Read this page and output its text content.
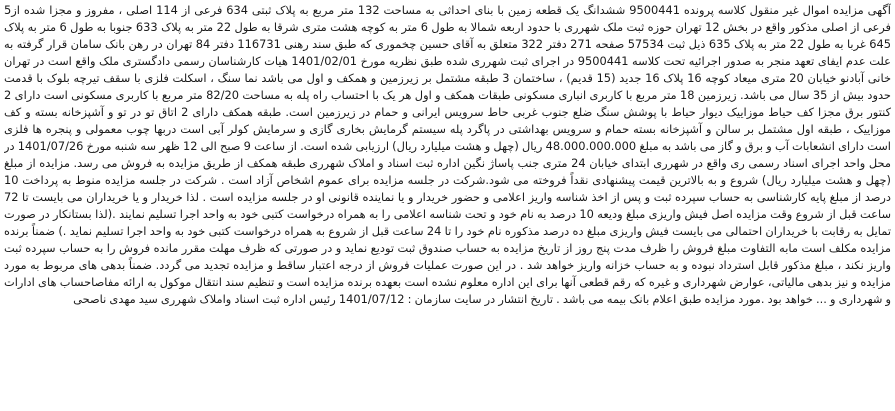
آگهی مزایده اموال غیر منقول کلاسه پرونده 9500441 ششدانگ یک قطعه زمین با بنای احداثی به مساحت 132 متر مربع به پلاک ثبتی 634 فرعی از 114 اصلی ، مفروز و مجزا شده از5 فرعی از اصلی مذکور واقع در بخش 12 تهران حوزه ثبت ملک شهرری با حدود اربعه شمالا به طول 6 متر به کوچه هشت متری شرقا به طول 22 متر به پلاک 633 جنوبا به طول 6 متر به پلاک 645 غربا به طول 22 متر به پلاک 635 ذیل ثبت 57534 صفحه 271 دفتر 322 متعلق به آقای حسین چخموری که طبق سند رهنی 116731 دفتر 84 تهران در رهن بانک سامان قرار گرفته به علت عدم ایفای تعهد منجر به صدور اجرائیه تحت کلاسه 9500441 در اجرای ثبت شهرری شده طبق نظریه مورخ 1401/02/01 هیات کارشناسان رسمی دادگستری ملک واقع است در تهران خانی آبادنو خیابان 20 متری میعاد کوچه 16 پلاک 16 جدید (15 قدیم) ، ساختمان 3 طبقه مشتمل بر زیرزمین و همکف و اول می باشد نما سنگ ، اسکلت فلزی با سقف تیرچه بلوک با قدمت حدود بیش از 35 سال می باشد. زیرزمین 18 متر مربع با کاربری انباری مسکونی طبقات همکف و اول هر یک با احتساب راه پله به مساحت 82/20 متر مربع با کاربری مسکونی است دارای 2 کنتور برق مجزا کف حیاط موزاییک دیوار حیاط با پوشش سنگ ضلع جنوب غربی حاط سرویس ایرانی و حمام در زیرزمین است. طبقه همکف دارای 2 اتاق تو در تو و آشپزخانه بسته و کف موزاییک ، طبقه اول مشتمل بر سالن و آشپزخانه بسته حمام و سرویس بهداشتی در پاگرد پله سیستم گرمایش بخاری گازی و سرمایش کولر آبی است دربها چوب معمولی و پنجره ها فلزی است دارای انشعابات آب و برق و گاز می باشد به مبلغ 48.000.000.000 ریال (چهل و هشت میلیارد ریال) ارزیابی شده است. از ساعت 9 صبح الی 12 ظهر سه شنبه مورخ 1401/07/26 در محل واحد اجرای اسناد رسمی ری واقع در شهرری ابتدای خیابان 24 متری جنب پاساژ نگین اداره ثبت اسناد و املاک شهرری طبقه همکف از طریق مزایده به فروش می رسد. مزایده از مبلغ (چهل و هشت میلیارد ریال) شروع و به بالاترین قیمت پیشنهادی نقداً فروخته می شود.شرکت در جلسه مزایده برای عموم اشخاص آزاد است . شرکت در جلسه مزایده منوط به پرداخت 10 درصد از مبلغ پایه کارشناسی به حساب سپرده ثبت و پس از اخذ شناسه واریز اعلامی و حضور خریدار و یا نماینده قانونی او در جلسه مزایده است . لذا خریدار و یا خریداران می بایست تا 72 ساعت قبل از شروع وقت مزایده اصل فیش واریزی مبلغ ودیعه 10 درصد به نام خود و تحت شناسه اعلامی را به همراه درخواست کتبی خود به واحد اجرا تسلیم نمایند .(لذا بستانکار در صورت تمایل به رقابت با خریداران احتمالی می بایست فیش واریزی مبلغ ده درصد مذکوره نام خود را تا 24 ساعت قبل از شروع به همراه درخواست کتبی خود به واحد اجرا تسلیم نماید .) ضمناً برنده مزایده مکلف است مابه التفاوت مبلغ فروش را ظرف مدت پنج روز از تاریخ مزایده به حساب صندوق ثبت تودیع نماید و در صورتی که ظرف مهلت مقرر مانده فروش را به حساب سپرده ثبت واریز نکند ، مبلغ مذکور قابل استرداد نبوده و به حساب خزانه واریز خواهد شد . در این صورت عملیات فروش از درجه اعتبار ساقط و مزایده تجدید می گردد. ضمناً بدهی های مربوط به مورد مزایده و نیز بدهی مالیاتی، عوارض شهرداری و غیره که رقم قطعی آنها برای این اداره معلوم نشده است بعهده برنده مزایده است و تنظیم سند انتقال موکول به ارائه مفاصاحساب های ادارات و شهرداری و ... خواهد بود .مورد مزایده طبق اعلام بانک بیمه می باشد . تاریخ انتشار در سایت سازمان : 1401/07/12 رئیس اداره ثبت اسناد واملاک شهرری سید مهدی ناصحی
